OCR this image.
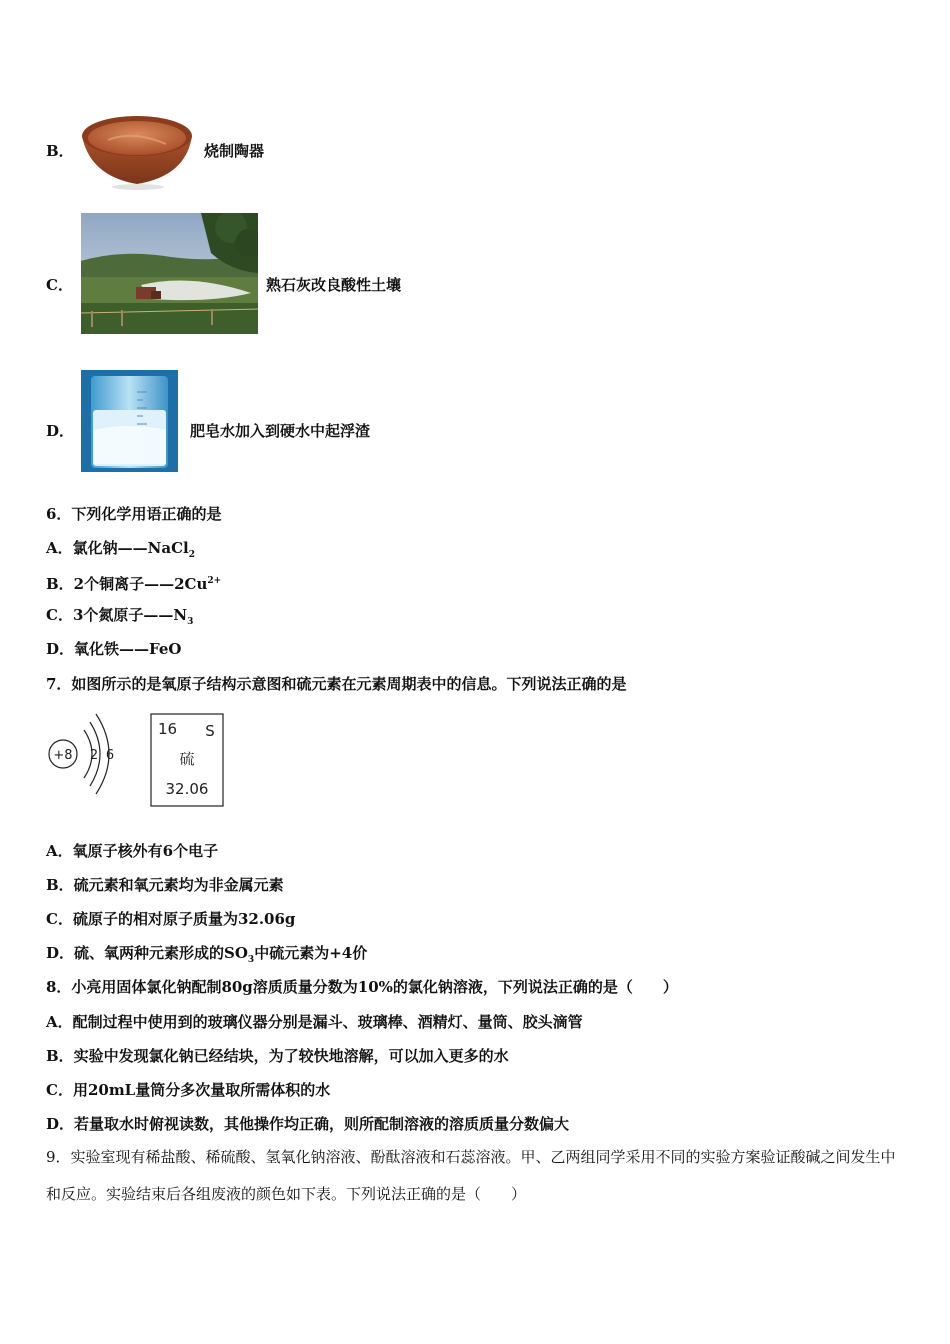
B．	烧制陶器
C．	熟石灰改良酸性土壤
D．	肥皂水加入到硬水中起浮渣
6．下列化学用语正确的是
A．氯化钠——NaCl$_2$
B．2个铜离子$——2Cu^{2+}$
C．3个氮原子$——N_3$
D．氧化铁——FeO
7．如图所示的是氧原子结构示意图和硫元素在元素周期表中的信息。下列说法正确的是
+8 2 6
16 S
硫
32.06
A．氧原子核外有6个电子
B．硫元素和氧元素均为非金属元素
C．硫原子的相对原子质量为32.06g
D．硫、氧两种元素形成的$SO_3$中硫元素为+4价
8．小亮用固体氯化钠配制80g溶质质量分数为10%的氯化钠溶液，下列说法正确的是（　　）
A．配制过程中使用到的玻璃仪器分别是漏斗、玻璃棒、酒精灯、量筒、胶头滴管
B．实验中发现氯化钠已经结块，为了较快地溶解，可以加入更多的水
C．用20mL量筒分多次量取所需体积的水
D．若量取水时俯视读数，其他操作均正确，则所配制溶液的溶质质量分数偏大
9．实验室现有稀盐酸、稀硫酸、氢氧化钠溶液、酚酞溶液和石蕊溶液。甲、乙两组同学采用不同的实验方案验证酸碱之间发生中和反应。实验结束后各组废液的颜色如下表。下列说法正确的是（　　）
